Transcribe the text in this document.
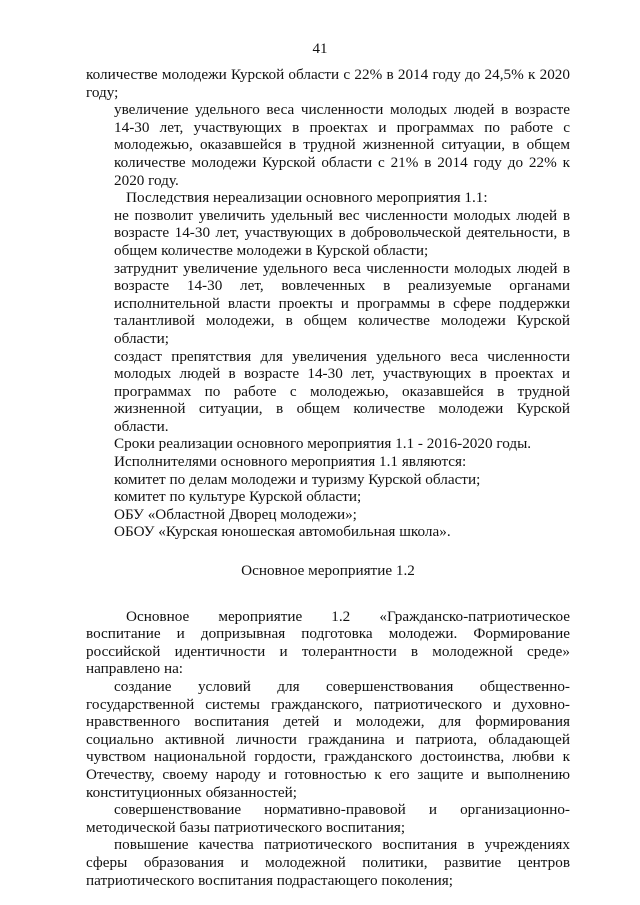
41

количестве молодежи Курской области с 22% в 2014 году до 24,5% к 2020 году;

увеличение удельного веса численности молодых людей в возрасте 14-30 лет, участвующих в проектах и программах по работе с молодежью, оказавшейся в трудной жизненной ситуации, в общем количестве молодежи Курской области с 21% в 2014 году до 22% к 2020 году.

Последствия нереализации основного мероприятия 1.1:

не позволит увеличить удельный вес численности молодых людей в возрасте 14-30 лет, участвующих в добровольческой деятельности, в общем количестве молодежи в Курской области;

затруднит увеличение удельного веса численности молодых людей в возрасте 14-30 лет, вовлеченных в реализуемые органами исполнительной власти проекты и программы в сфере поддержки талантливой молодежи, в общем количестве молодежи Курской области;

создаст препятствия для увеличения удельного веса численности молодых людей в возрасте 14-30 лет, участвующих в проектах и программах по работе с молодежью, оказавшейся в трудной жизненной ситуации, в общем количестве молодежи Курской области.

Сроки реализации основного мероприятия 1.1 - 2016-2020 годы.

Исполнителями основного мероприятия 1.1 являются:

комитет по делам молодежи и туризму Курской области;

комитет по культуре Курской области;

ОБУ «Областной Дворец молодежи»;

ОБОУ «Курская юношеская автомобильная школа».

Основное мероприятие 1.2

Основное мероприятие 1.2 «Гражданско-патриотическое воспитание и допризывная подготовка молодежи. Формирование российской идентичности и толерантности в молодежной среде» направлено на:

создание условий для совершенствования общественно-государственной системы гражданского, патриотического и духовно-нравственного воспитания детей и молодежи, для формирования социально активной личности гражданина и патриота, обладающей чувством национальной гордости, гражданского достоинства, любви к Отечеству, своему народу и готовностью к его защите и выполнению конституционных обязанностей;

совершенствование нормативно-правовой и организационно-методической базы патриотического воспитания;

повышение качества патриотического воспитания в учреждениях сферы образования и молодежной политики, развитие центров патриотического воспитания подрастающего поколения;
